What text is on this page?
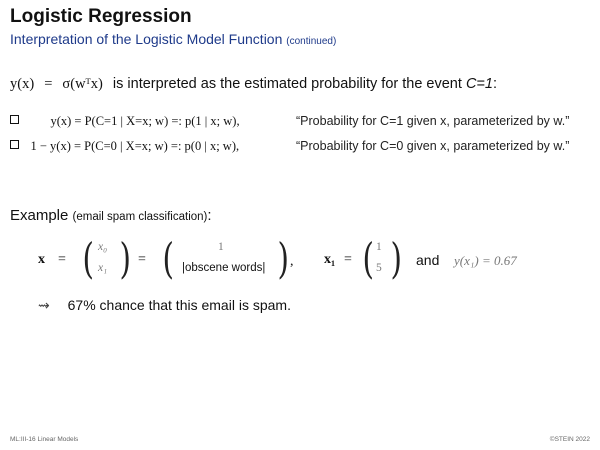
Logistic Regression
Interpretation of the Logistic Model Function (continued)
y(x) = σ(wᵀx) is interpreted as the estimated probability for the event C=1:
y(x) = P(C=1 | X=x; w) =: p(1 | x; w),	“Probability for C=1 given x, parameterized by w.”
1 − y(x) = P(C=0 | X=x; w) =: p(0 | x; w),	“Probability for C=0 given x, parameterized by w.”
Example (email spam classification):
x = ( x₀
x₁ ) = (	1
|obscene words| ) , x₁ = ( 1
5 ) and y(x₁) = 0.67
⇝ 67% chance that this email is spam.
ML:III-16 Linear Models	©STEIN 2022
